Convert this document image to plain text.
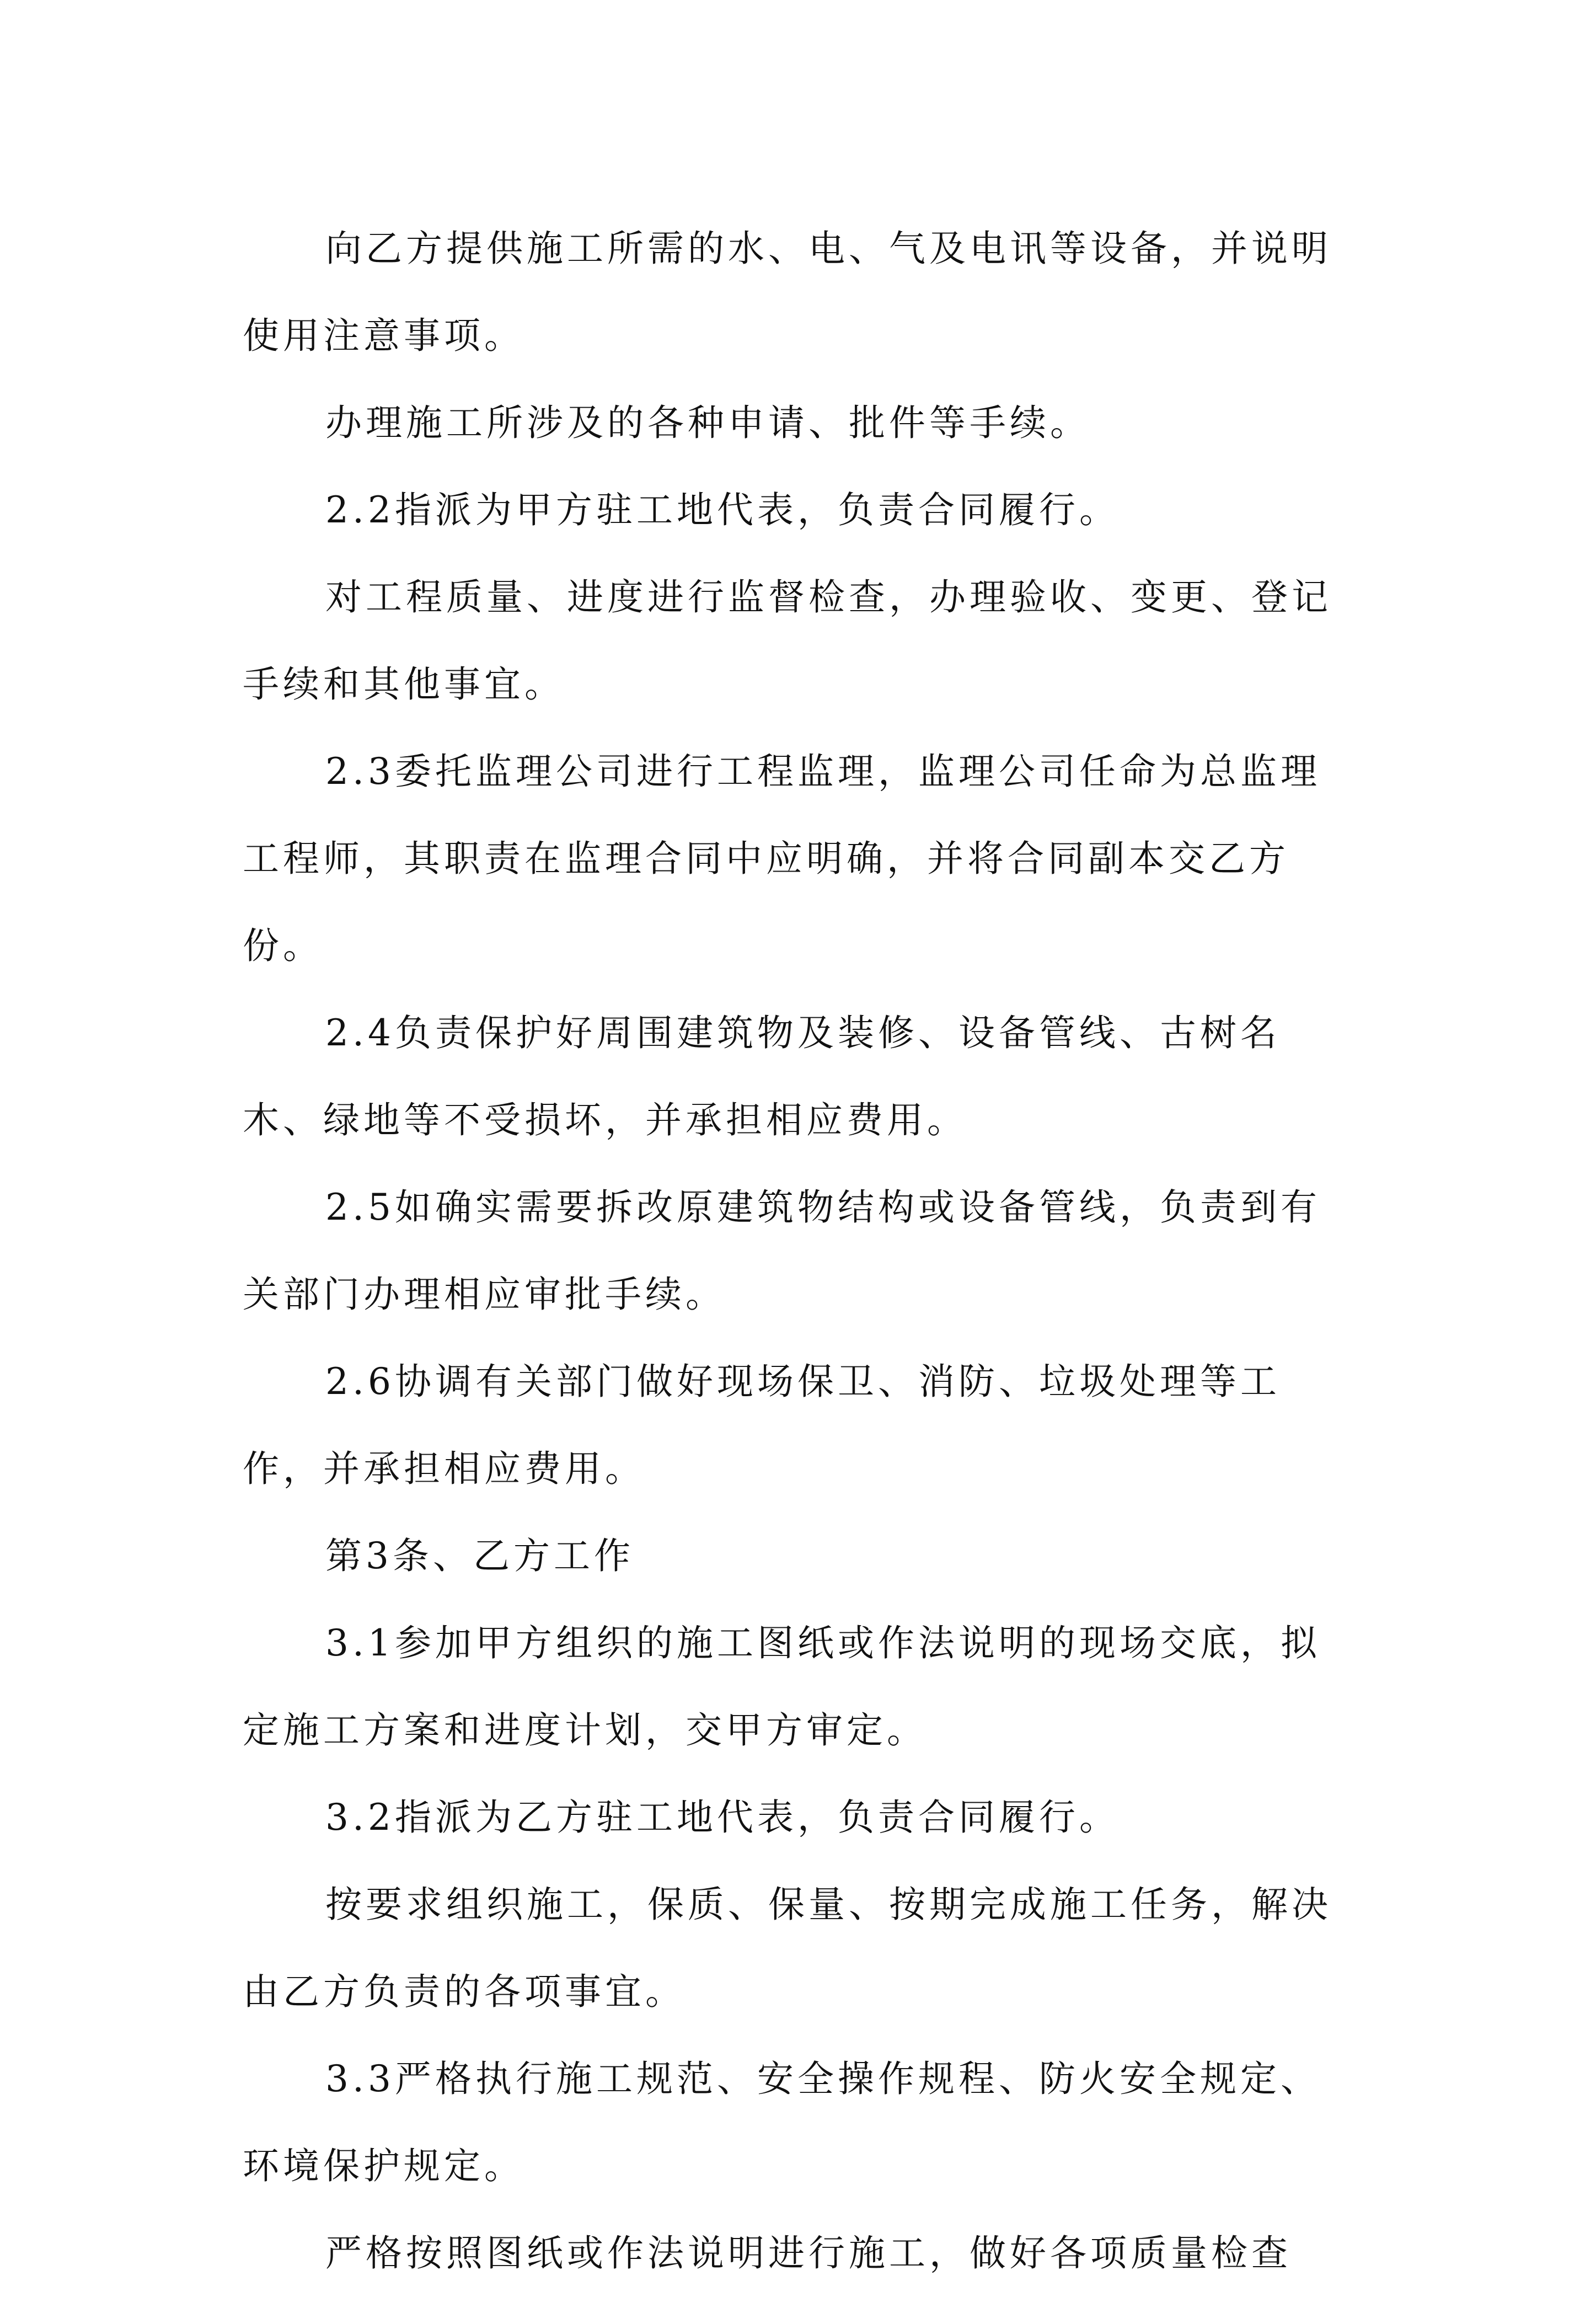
向乙方提供施工所需的水、电、气及电讯等设备，并说明使用注意事项。

办理施工所涉及的各种申请、批件等手续。

2.2指派为甲方驻工地代表，负责合同履行。

对工程质量、进度进行监督检查，办理验收、变更、登记手续和其他事宜。

2.3委托监理公司进行工程监理，监理公司任命为总监理工程师，其职责在监理合同中应明确，并将合同副本交乙方份。

2.4负责保护好周围建筑物及装修、设备管线、古树名木、绿地等不受损坏，并承担相应费用。

2.5如确实需要拆改原建筑物结构或设备管线，负责到有关部门办理相应审批手续。

2.6协调有关部门做好现场保卫、消防、垃圾处理等工作，并承担相应费用。

第3条、乙方工作

3.1参加甲方组织的施工图纸或作法说明的现场交底，拟定施工方案和进度计划，交甲方审定。

3.2指派为乙方驻工地代表，负责合同履行。

按要求组织施工，保质、保量、按期完成施工任务，解决由乙方负责的各项事宜。

3.3严格执行施工规范、安全操作规程、防火安全规定、环境保护规定。

严格按照图纸或作法说明进行施工，做好各项质量检查
